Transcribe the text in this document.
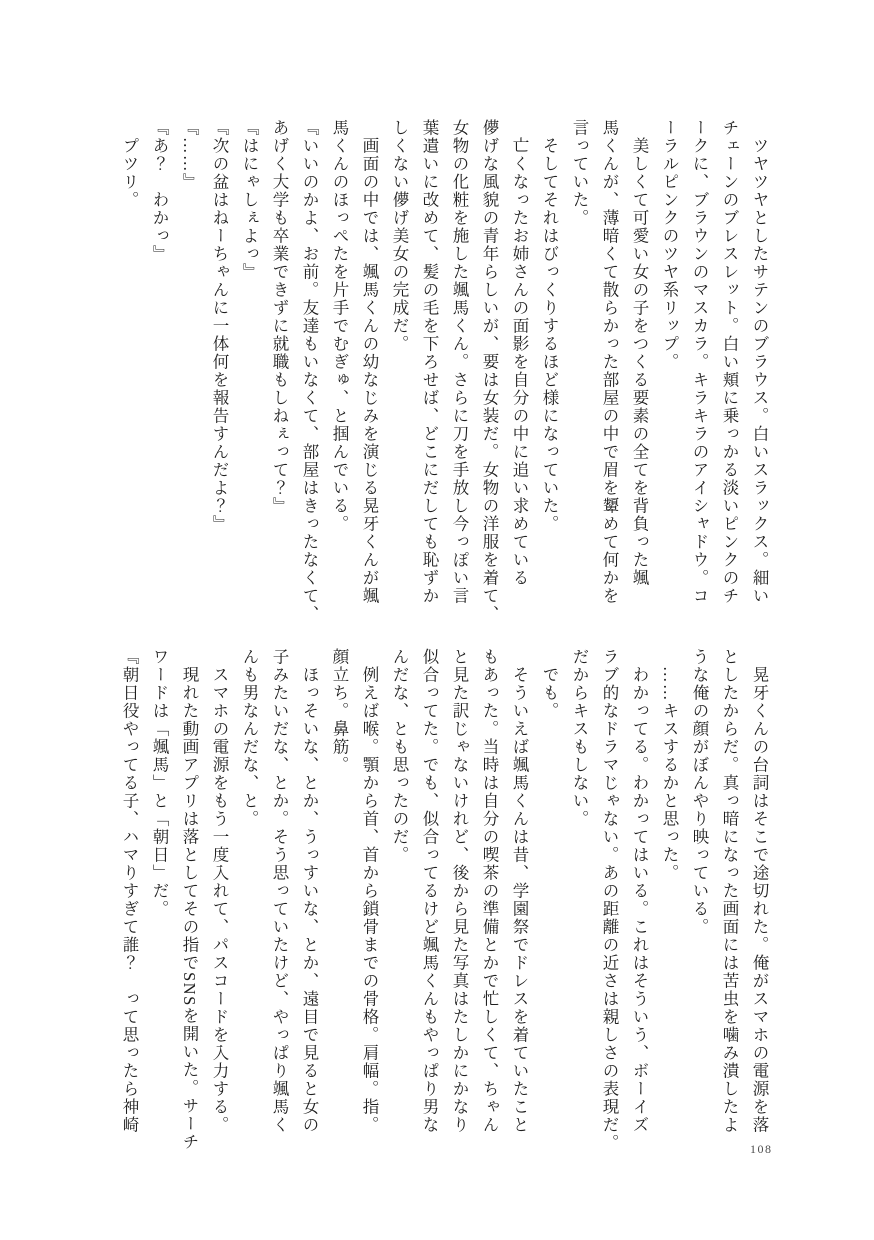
ツヤツヤとしたサテンのブラウス。白いスラックス。細い

チェーンのブレスレット。白い頬に乗っかる淡いピンクのチ

ークに、ブラウンのマスカラ。キラキラのアイシャドウ。コ

ーラルピンクのツヤ系リップ。

美しくて可愛い女の子をつくる要素の全てを背負った颯

馬くんが、薄暗くて散らかった部屋の中で眉を顰めて何かを

言っていた。

そしてそれはびっくりするほど様になっていた。

亡くなったお姉さんの面影を自分の中に追い求めている

儚げな風貌の青年らしいが、要は女装だ。女物の洋服を着て、

女物の化粧を施した颯馬くん。さらに刀を手放し今っぽい言

葉遣いに改めて、髪の毛を下ろせば、どこにだしても恥ずか

しくない儚げ美女の完成だ。

画面の中では、颯馬くんの幼なじみを演じる晃牙くんが颯

馬くんのほっぺたを片手でむぎゅ、と掴んでいる。

『いいのかよ、お前。友達もいなくて、部屋はきったなくて、

あげく大学も卒業できずに就職もしねぇって？』

『はにゃしぇよっ』

『次の盆はねーちゃんに一体何を報告すんだよ？』

『……』

『あ？　わかっ』

プツリ。

晃牙くんの台詞はそこで途切れた。俺がスマホの電源を落

としたからだ。真っ暗になった画面には苦虫を噛み潰したよ

うな俺の顔がぼんやり映っている。

……キスするかと思った。

わかってる。わかってはいる。これはそういう、ボーイズ

ラブ的なドラマじゃない。あの距離の近さは親しさの表現だ。

だからキスもしない。

でも。

そういえば颯馬くんは昔、学園祭でドレスを着ていたこと

もあった。当時は自分の喫茶の準備とかで忙しくて、ちゃん

と見た訳じゃないけれど、後から見た写真はたしかにかなり

似合ってた。でも、似合ってるけど颯馬くんもやっぱり男な

んだな、とも思ったのだ。

例えば喉。顎から首、首から鎖骨までの骨格。肩幅。指。

顔立ち。鼻筋。

ほっそいな、とか、うっすいな、とか、遠目で見ると女の

子みたいだな、とか。そう思っていたけど、やっぱり颯馬く

んも男なんだな、と。

スマホの電源をもう一度入れて、パスコードを入力する。

現れた動画アプリは落としてその指でSNSを開いた。サーチ

ワードは「颯馬」と「朝日」だ。

『朝日役やってる子、ハマりすぎて誰？　って思ったら神崎

108
